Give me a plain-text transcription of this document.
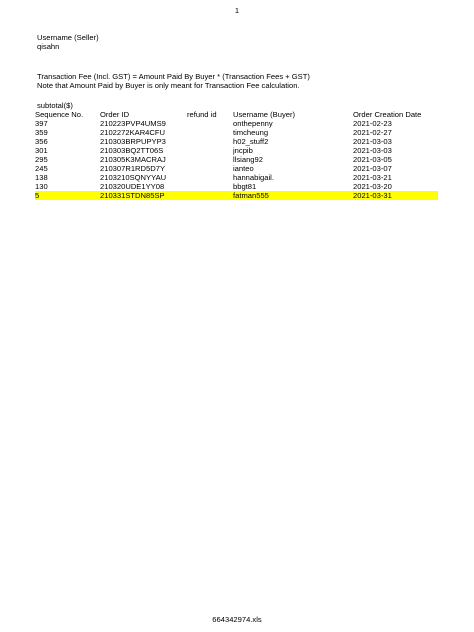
1
Username (Seller)
qisahn
Transaction Fee (Incl. GST) = Amount Paid By Buyer * (Transaction Fees + GST)
Note that Amount Paid by Buyer is only meant for Transaction Fee calculation.
subtotal($)
Sequence No.	Order ID	refund id	Username (Buyer)	Order Creation Date
397	210223PVP4UMS9		onthepenny	2021-02-23
359	2102272KAR4CFU		timcheung	2021-02-27
356	210303BRPUPYP3		h02_stuff2	2021-03-03
301	210303BQ2TT06S		jncpib	2021-03-03
295	210305K3MACRAJ		llsiang92	2021-03-05
245	210307R1RD5D7Y		ianteo	2021-03-07
138	2103210SQNYYAU		hannabigail.	2021-03-21
130	210320UDE1YY08		bbgt81	2021-03-20
5	210331STDN85SP		fatman555	2021-03-31
664342974.xls
